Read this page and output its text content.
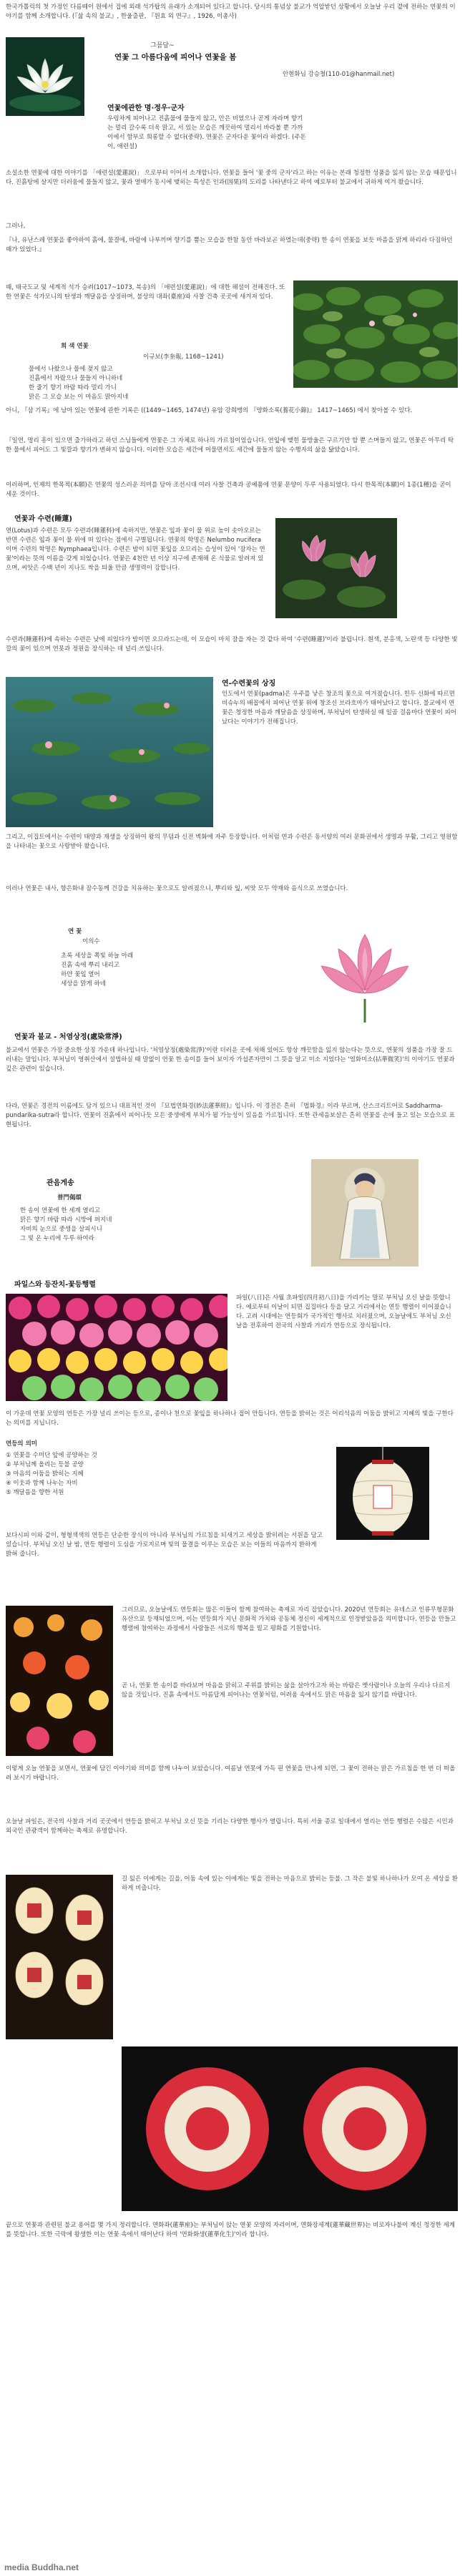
한국가톨릭의 첫 가정인 다름떼이 원에서 집에 외래 석가탑의 유래가 소개되어 있다고 합니다. 당시의 통념상 불교가 억압받던 상황에서 오늘날 우리 곁에 전하는 연꽃의 이야기를 함께 소개합니다. (『삶 속의 불교』, 한울출판, 『원효 외 연구』, 1926, 이총사)

그믐달~

연꽃 그 아름다움에 피어나 연꽃을 봄

안현화님 강승철(110-01@hanmail.net)

연꽃에관한 명·정우·군자

우렁차게 피어나고 진흙물에 물들지 않고, 안은 비었으나 곧게 자라며 향기는 멀리 갈수록 더욱 맑고, 서 있는 모습은 깨끗하여 멀리서 바라볼 뿐 가까이에서 함부로 희롱할 수 없다(중략). 연꽃은 군자다운 꽃이라 하겠다. (주돈이, 애련설)

소설소한 연꽃에 대한 이야기를 「애련설(愛蓮說)」 으로부터 이어서 소개합니다. 연꽃을 들어 '꽃 중의 군자'라고 하는 이유는 본래 청정한 성품을 잃지 않는 모습 때문입니다. 진흙탕에 살지만 더러움에 물들지 않고, 꽃과 열매가 동시에 맺히는 특성은 인과(因果)의 도리를 나타낸다고 하여 예로부터 불교에서 귀하게 여겨 왔습니다.

그러나,

『나, 유난스레 연꽃을 좋아하여 흙에, 물결에, 바람에 나부끼며 향기를 뿜는 모습을 한참 동안 바라보곤 하였는데(중략) 한 송이 연꽃을 보듯 마음을 맑게 하리라 다짐하던 때가 있었다.』

때, 태국도교 및 세계적 석가 승려(1017~1073, 북송)의 「애련설(愛蓮說)」에 대한 해설이 전해진다. 또한 연꽃은 석가모니의 탄생과 깨달음을 상징하며, 불상의 대좌(臺座)와 사찰 건축 곳곳에 새겨져 있다.

희 색 연꽃

이규보(李奎報, 1168~1241)

물에서 나왔으나 물에 젖지 않고

진흙에서 자랐으나 물들지 아니하네

한 줄기 향기 바람 따라 멀리 가니

맑은 그 모습 보는 이 마음도 맑아지네

아니, 『삼 기록』에 남아 있는 연꽃에 관한 기록은 ((1449~1465, 1474년) 유암 강희맹의 『양화소록(養花小錄)』 1417~1465) 에서 찾아볼 수 있다.

『일연, 명리 흥이 있으면 출가하라고 하던 스님들에게 연꽃은 그 자체로 하나의 가르침이었습니다. 연잎에 맺힌 물방울은 구르기만 할 뿐 스며들지 않고, 연꽃은 아무리 탁한 물에서 피어도 그 빛깔과 향기가 변하지 않습니다. 이러한 모습은 세간에 머물면서도 세간에 물들지 않는 수행자의 삶을 닮았습니다.

이러하며, 인제의 한목적(本願)은 연꽃의 성스러운 의미를 담아 조선시대 여러 사찰 건축과 공예품에 연꽃 문양이 두루 사용되었다. 다시 한목적(本願)이 1종(1種)을 곧이 세운 것이다.

연꽃과 수련(睡蓮)

연(Lotus)과 수련은 모두 수련과(睡蓮科)에 속하지만, 연꽃은 잎과 꽃이 물 위로 높이 솟아오르는 반면 수련은 잎과 꽃이 물 위에 떠 있다는 점에서 구별됩니다. 연꽃의 학명은 Nelumbo nucifera이며 수련의 학명은 Nymphaea입니다. 수련은 밤이 되면 꽃잎을 오므리는 습성이 있어 '잠자는 연꽃'이라는 뜻의 이름을 갖게 되었습니다. 연꽃은 4천만 년 이상 지구에 존재해 온 식물로 알려져 있으며, 씨앗은 수백 년이 지나도 싹을 틔울 만큼 생명력이 강합니다.

수련과(睡蓮科)에 속하는 수련은 낮에 피었다가 밤이면 오므라드는데, 이 모습이 마치 잠을 자는 것 같다 하여 '수련(睡蓮)'이라 불립니다. 흰색, 분홍색, 노란색 등 다양한 빛깔의 꽃이 있으며 연못과 정원을 장식하는 데 널리 쓰입니다.

연-수련꽃의 상징

인도에서 연꽃(padma)은 우주를 낳은 창조의 꽃으로 여겨졌습니다. 힌두 신화에 따르면 비슈누의 배꼽에서 피어난 연꽃 위에 창조신 브라흐마가 태어났다고 합니다. 불교에서 연꽃은 청정한 마음과 깨달음을 상징하며, 부처님이 탄생하실 때 일곱 걸음마다 연꽃이 피어났다는 이야기가 전해집니다.

그리고, 이집트에서는 수련이 태양과 재생을 상징하여 왕의 무덤과 신전 벽화에 자주 등장합니다. 이처럼 연과 수련은 동서양의 여러 문화권에서 생명과 부활, 그리고 영원함을 나타내는 꽃으로 사랑받아 왔습니다.

이러나 연꽃은 내사, 향은화내 잠수동께 건강을 치유하는 꽃으로도 알려졌으니, 뿌리와 잎, 씨앗 모두 약재와 음식으로 쓰였습니다.

연 꽃

이의수

초록 세상을 쪽빛 하늘 아래

진흙 속에 뿌리 내리고

하얀 꽃잎 열어

세상을 맑게 하네

연꽃과 불교 - 처염상정(處染常淨)

불교에서 연꽃은 가장 중요한 상징 가운데 하나입니다. '처염상정(處染常淨)'이란 더러운 곳에 처해 있어도 항상 깨끗함을 잃지 않는다는 뜻으로, 연꽃의 성품을 가장 잘 드러내는 말입니다. 부처님이 영취산에서 설법하실 때 말없이 연꽃 한 송이를 들어 보이자 가섭존자만이 그 뜻을 알고 미소 지었다는 '염화미소(拈華微笑)'의 이야기도 연꽃과 깊은 관련이 있습니다.

다라, 연꽃은 경전의 이름에도 담겨 있으니 대표적인 것이 『묘법연화경(妙法蓮華經)』입니다. 이 경전은 흔히 『법화경』이라 부르며, 산스크리트어로 Saddharma-pundarika-sutra라 합니다. 연꽃이 진흙에서 피어나듯 모든 중생에게 부처가 될 가능성이 있음을 가르칩니다. 또한 관세음보살은 흔히 연꽃을 손에 들고 있는 모습으로 표현됩니다.

관음게송

普門偈頌

한 송이 연꽃에 한 세계 열리고

맑은 향기 바람 따라 시방에 퍼지네

자비의 눈으로 중생을 살피시니

그 빛 온 누리에 두루 하여라

파일스와 등잔치-꽃등행렬

파일(八日)은 사월 초파일(四月初八日)을 가리키는 말로 부처님 오신 날을 뜻합니다. 예로부터 이날이 되면 집집마다 등을 달고 거리에서는 연등 행렬이 이어졌습니다. 고려 시대에는 연등회가 국가적인 행사로 치러졌으며, 오늘날에도 부처님 오신 날을 전후하여 전국의 사찰과 거리가 연등으로 장식됩니다.

이 가운데 연꽃 모양의 연등은 가장 널리 쓰이는 등으로, 종이나 천으로 꽃잎을 하나하나 접어 만듭니다. 연등을 밝히는 것은 어리석음의 어둠을 밝히고 지혜의 빛을 구한다는 의미를 지닙니다.

연등의 의미

① 연꽃을 수미단 앞에 공양하는 것

② 부처님께 올리는 등불 공양

③ 마음의 어둠을 밝히는 지혜

④ 이웃과 함께 나누는 자비

⑤ 깨달음을 향한 서원

보다시피 이와 같이, 형형색색의 연등은 단순한 장식이 아니라 부처님의 가르침을 되새기고 세상을 밝히려는 서원을 담고 있습니다. 부처님 오신 날 밤, 연등 행렬이 도심을 가로지르며 빛의 물결을 이루는 모습은 보는 이들의 마음까지 환하게 밝혀 줍니다.

그러므로, 오늘날에도 연등회는 많은 이들이 함께 참여하는 축제로 자리 잡았습니다. 2020년 연등회는 유네스코 인류무형문화유산으로 등재되었으며, 이는 연등회가 지닌 문화적 가치와 공동체 정신이 세계적으로 인정받았음을 의미합니다. 연등을 만들고 행렬에 참여하는 과정에서 사람들은 서로의 행복을 빌고 평화를 기원합니다.

곧 나, 연꽃 한 송이를 바라보며 마음을 맑히고 주위를 밝히는 삶을 살아가고자 하는 바람은 옛사람이나 오늘의 우리나 다르지 않을 것입니다. 진흙 속에서도 아름답게 피어나는 연꽃처럼, 어려움 속에서도 맑은 마음을 잃지 않기를 바랍니다.

이렇게 오늘 연꽃을 보면서, 연꽃에 담긴 이야기와 의미를 함께 나누어 보았습니다. 여름날 연못에 가득 핀 연꽃을 만나게 되면, 그 꽃이 전하는 맑은 가르침을 한 번 더 떠올려 보시기 바랍니다.

오늘날 파일은, 전국의 사찰과 거리 곳곳에서 연등을 밝히고 부처님 오신 뜻을 기리는 다양한 행사가 열립니다. 특히 서울 종로 일대에서 열리는 연등 행렬은 수많은 시민과 외국인 관광객이 함께하는 축제로 유명합니다.

길 잃은 이에게는 길을, 어둠 속에 있는 이에게는 빛을 전하는 마음으로 밝히는 등불. 그 작은 불빛 하나하나가 모여 온 세상을 환하게 비춥니다.

끝으로 연꽃과 관련된 불교 용어를 몇 가지 정리합니다. 연화좌(蓮華座)는 부처님이 앉는 연꽃 모양의 자리이며, 연화장세계(蓮華藏世界)는 비로자나불이 계신 청정한 세계를 뜻합니다. 또한 극락에 왕생한 이는 연꽃 속에서 태어난다 하여 '연화화생(蓮華化生)'이라 합니다.

media Buddha.net
